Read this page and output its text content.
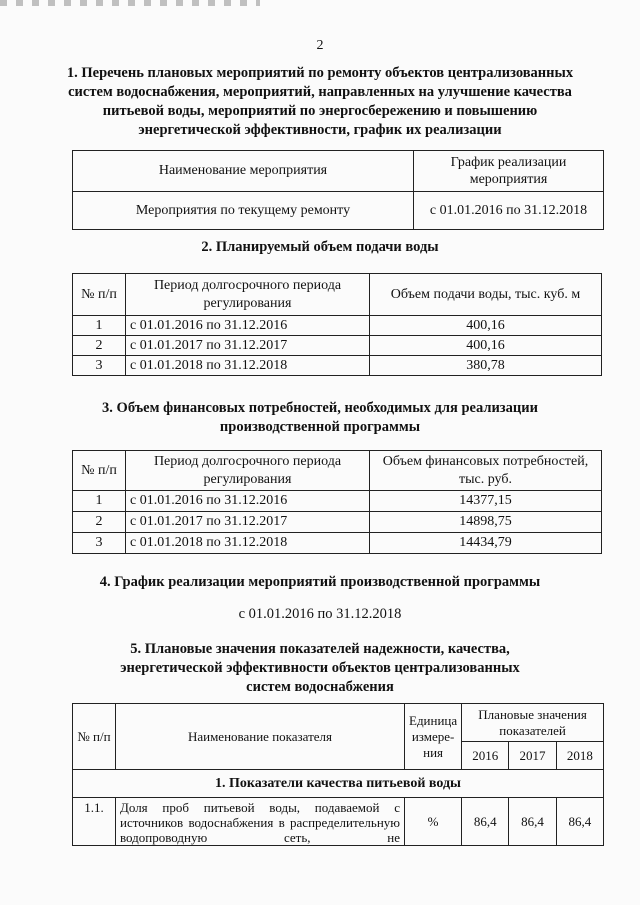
2
1. Перечень плановых мероприятий по ремонту объектов централизованных систем водоснабжения, мероприятий, направленных на улучшение качества питьевой воды, мероприятий по энергосбережению и повышению энергетической эффективности, график их реализации
Наименование мероприятия	График реализации мероприятия
Мероприятия по текущему ремонту	с 01.01.2016 по 31.12.2018
2. Планируемый объем подачи воды
№ п/п	Период долгосрочного периода регулирования	Объем подачи воды, тыс. куб. м
1	с 01.01.2016 по 31.12.2016	400,16
2	с 01.01.2017 по 31.12.2017	400,16
3	с 01.01.2018 по 31.12.2018	380,78
3. Объем финансовых потребностей, необходимых для реализации производственной программы
№ п/п	Период долгосрочного периода регулирования	Объем финансовых потребностей, тыс. руб.
1	с 01.01.2016 по 31.12.2016	14377,15
2	с 01.01.2017 по 31.12.2017	14898,75
3	с 01.01.2018 по 31.12.2018	14434,79
4. График реализации мероприятий производственной программы
с 01.01.2016 по 31.12.2018
5. Плановые значения показателей надежности, качества, энергетической эффективности объектов централизованных систем водоснабжения
№ п/п	Наименование показателя	Единица измере- ния	Плановые значения показателей		
			2016	2017	2018
1. Показатели качества питьевой воды					
1.1.	Доля проб питьевой воды, подаваемой с источников водоснабжения в распределительную водопроводную сеть, не	%	86,4	86,4	86,4
